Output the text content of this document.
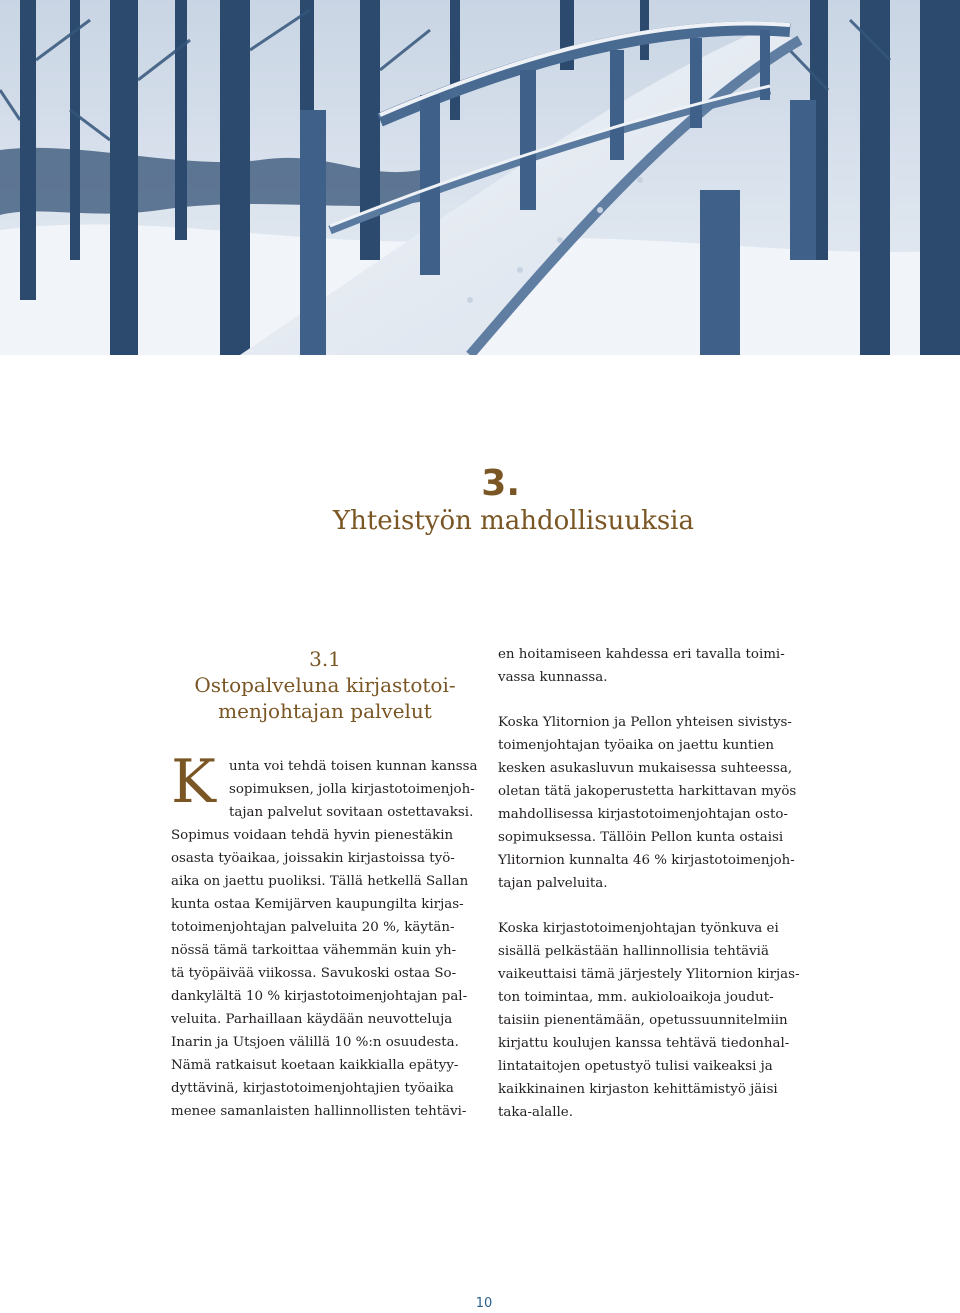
3.
Yhteistyön mahdollisuuksia
3.1
Ostopalveluna kirjastotoi-
menjohtajan palvelut
K unta voi tehdä toisen kunnan kanssa
sopimuksen, jolla kirjastotoimenjoh-
tajan palvelut sovitaan ostettavaksi.
Sopimus voidaan tehdä hyvin pienestäkin
osasta työaikaa, joissakin kirjastoissa työ-
aika on jaettu puoliksi. Tällä hetkellä Sallan
kunta ostaa Kemijärven kaupungilta kirjas-
totoimenjohtajan palveluita 20 %, käytän-
nössä tämä tarkoittaa vähemmän kuin yh-
tä työpäivää viikossa. Savukoski ostaa So-
dankylältä 10 % kirjastotoimenjohtajan pal-
veluita. Parhaillaan käydään neuvotteluja
Inarin ja Utsjoen välillä 10 %:n osuudesta.
Nämä ratkaisut koetaan kaikkialla epätyy-
dyttävinä, kirjastotoimenjohtajien työaika
menee samanlaisten hallinnollisten tehtävi-
en hoitamiseen kahdessa eri tavalla toimi-
vassa kunnassa.
Koska Ylitornion ja Pellon yhteisen sivistys-
toimenjohtajan työaika on jaettu kuntien
kesken asukasluvun mukaisessa suhteessa,
oletan tätä jakoperustetta harkittavan myös
mahdollisessa kirjastotoimenjohtajan osto-
sopimuksessa. Tällöin Pellon kunta ostaisi
Ylitornion kunnalta 46 % kirjastotoimenjoh-
tajan palveluita.
Koska kirjastotoimenjohtajan työnkuva ei
sisällä pelkästään hallinnollisia tehtäviä
vaikeuttaisi tämä järjestely Ylitornion kirjas-
ton toimintaa, mm. aukioloaikoja joudut-
taisiin pienentämään, opetussuunnitelmiin
kirjattu koulujen kanssa tehtävä tiedonhal-
lintataitojen opetustyö tulisi vaikeaksi ja
kaikkinainen kirjaston kehittämistyö jäisi
taka-alalle.
10
